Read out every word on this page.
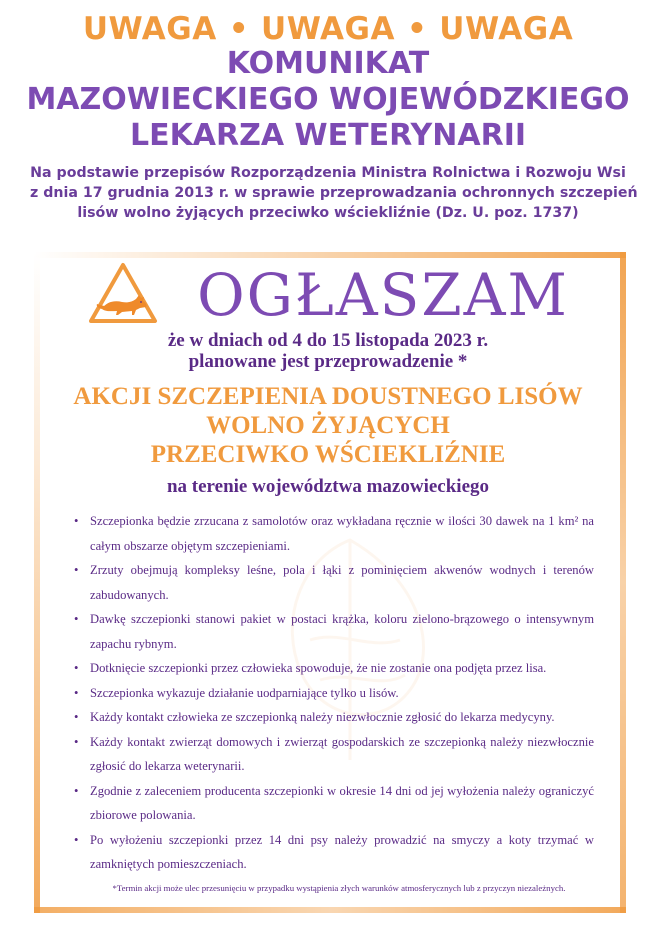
UWAGA • UWAGA • UWAGA
KOMUNIKAT
MAZOWIECKIEGO WOJEWÓDZKIEGO
LEKARZA WETERYNARII
Na podstawie przepisów Rozporządzenia Ministra Rolnictwa i Rozwoju Wsi
z dnia 17 grudnia 2013 r. w sprawie przeprowadzania ochronnych szczepień
lisów wolno żyjących przeciwko wściekliźnie (Dz. U. poz. 1737)
OGŁASZAM
że w dniach od 4 do 15 listopada 2023 r.
planowane jest przeprowadzenie *
AKCJI SZCZEPIENIA DOUSTNEGO LISÓW
WOLNO ŻYJĄCYCH
PRZECIWKO WŚCIEKLIŹNIE
na terenie województwa mazowieckiego
• Szczepionka będzie zrzucana z samolotów oraz wykładana ręcznie w ilości 30 dawek na 1 km² na całym obszarze objętym szczepieniami.
• Zrzuty obejmują kompleksy leśne, pola i łąki z pominięciem akwenów wodnych i terenów zabudowanych.
• Dawkę szczepionki stanowi pakiet w postaci krążka, koloru zielono-brązowego o intensywnym zapachu rybnym.
• Dotknięcie szczepionki przez człowieka spowoduje, że nie zostanie ona podjęta przez lisa.
• Szczepionka wykazuje działanie uodparniające tylko u lisów.
• Każdy kontakt człowieka ze szczepionką należy niezwłocznie zgłosić do lekarza medycyny.
• Każdy kontakt zwierząt domowych i zwierząt gospodarskich ze szczepionką należy niezwłocznie zgłosić do lekarza weterynarii.
• Zgodnie z zaleceniem producenta szczepionki w okresie 14 dni od jej wyłożenia należy ograniczyć zbiorowe polowania.
• Po wyłożeniu szczepionki przez 14 dni psy należy prowadzić na smyczy a koty trzymać w zamkniętych pomieszczeniach.
*Termin akcji może ulec przesunięciu w przypadku wystąpienia złych warunków atmosferycznych lub z przyczyn niezależnych.
